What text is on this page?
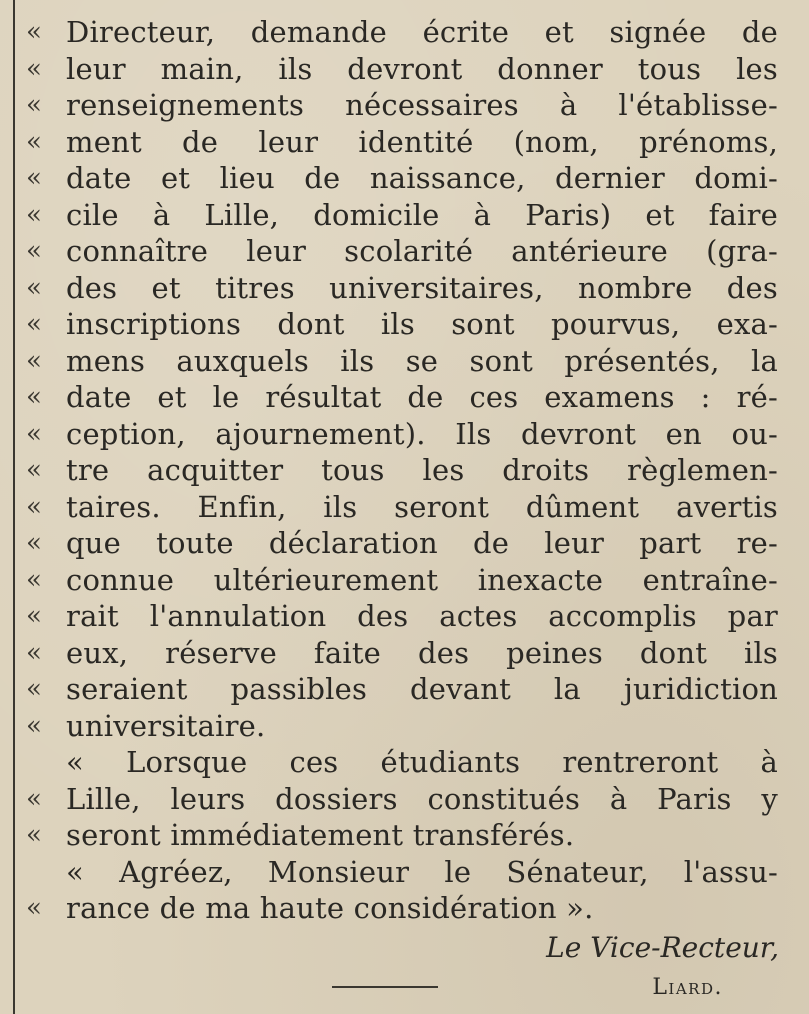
«
«
«
«
«
«
«
«
«
«
«
«
«
«
«
«
«
«
«
«
«
«
«
Directeur, demande écrite et signée de
leur main, ils devront donner tous les
renseignements nécessaires à l'établisse-
ment de leur identité (nom, prénoms,
date et lieu de naissance, dernier domi-
cile à Lille, domicile à Paris) et faire
connaître leur scolarité antérieure (gra-
des et titres universitaires, nombre des
inscriptions dont ils sont pourvus, exa-
mens auxquels ils se sont présentés, la
date et le résultat de ces examens : ré-
ception, ajournement). Ils devront en ou-
tre acquitter tous les droits règlemen-
taires. Enfin, ils seront dûment avertis
que toute déclaration de leur part re-
connue ultérieurement inexacte entraîne-
rait l'annulation des actes accomplis par
eux, réserve faite des peines dont ils
seraient passibles devant la juridiction
universitaire.
« Lorsque ces étudiants rentreront à
Lille, leurs dossiers constitués à Paris y
seront immédiatement transférés.
« Agréez, Monsieur le Sénateur, l'assu-
rance de ma haute considération ».
Le Vice-Recteur,
Liard.
